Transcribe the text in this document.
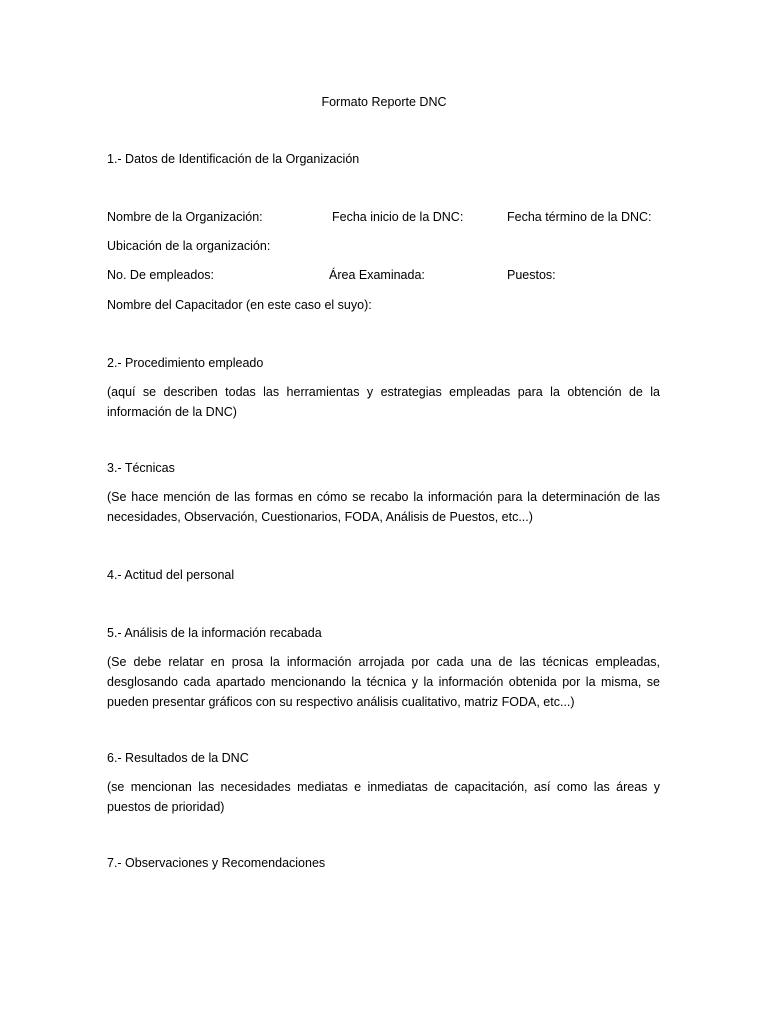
Formato Reporte DNC
1.- Datos de Identificación de la Organización
Nombre de la Organización:	Fecha inicio de la DNC:	Fecha término de la DNC:
Ubicación de la organización:
No. De empleados:	Área Examinada:	Puestos:
Nombre del Capacitador (en este caso el suyo):
2.- Procedimiento empleado
(aquí se describen todas las herramientas y estrategias empleadas para la obtención de la información de la DNC)
3.- Técnicas
(Se hace mención de las formas en cómo se recabo la información para la determinación de las necesidades, Observación, Cuestionarios, FODA, Análisis de Puestos, etc...)
4.- Actitud del personal
5.- Análisis de la información recabada
(Se debe relatar en prosa la información arrojada por cada una de las técnicas empleadas, desglosando cada apartado mencionando la técnica y la información obtenida por la misma, se pueden presentar gráficos con su respectivo análisis cualitativo, matriz FODA, etc...)
6.- Resultados de la DNC
(se mencionan las necesidades mediatas e inmediatas de capacitación, así como las áreas y puestos de prioridad)
7.- Observaciones y Recomendaciones
